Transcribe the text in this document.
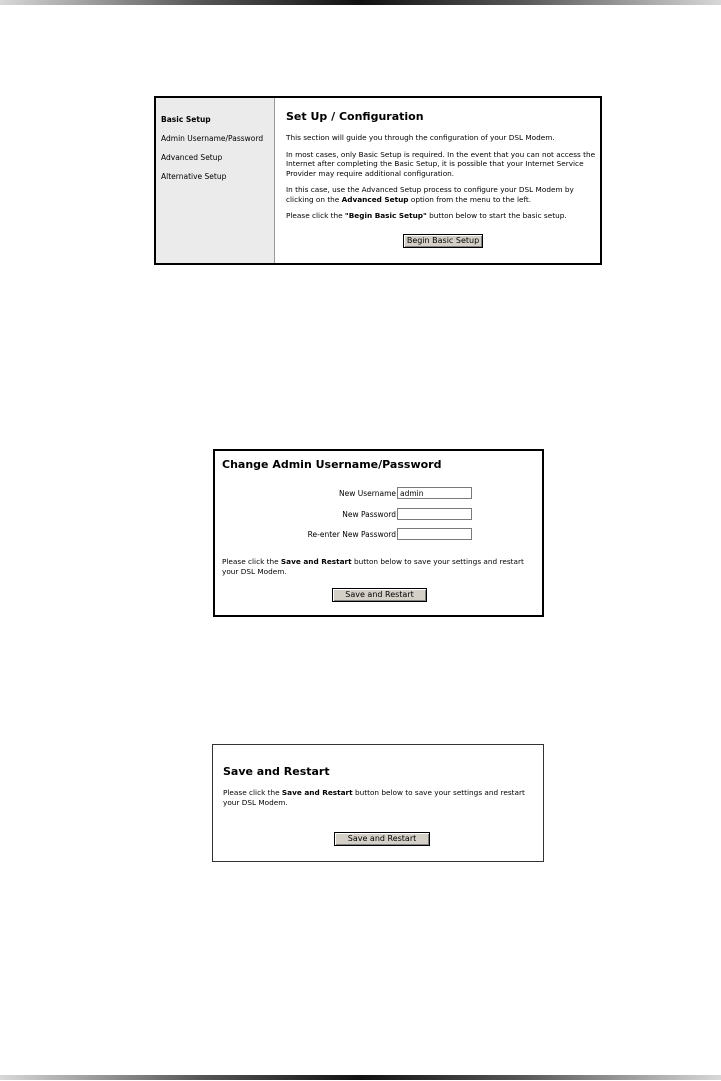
Basic Setup
Admin Username/Password
Advanced Setup
Alternative Setup
Set Up / Configuration

This section will guide you through the configuration of your DSL Modem.

In most cases, only Basic Setup is required. In the event that you can not access the Internet after completing the Basic Setup, it is possible that your Internet Service Provider may require additional configuration.

In this case, use the Advanced Setup process to configure your DSL Modem by clicking on the Advanced Setup option from the menu to the left.

Please click the "Begin Basic Setup" button below to start the basic setup.

Begin Basic Setup
Change Admin Username/Password
New Username
admin
New Password
Re-enter New Password
Please click the Save and Restart button below to save your settings and restart your DSL Modem.
Save and Restart
Save and Restart
Please click the Save and Restart button below to save your settings and restart your DSL Modem.
Save and Restart
